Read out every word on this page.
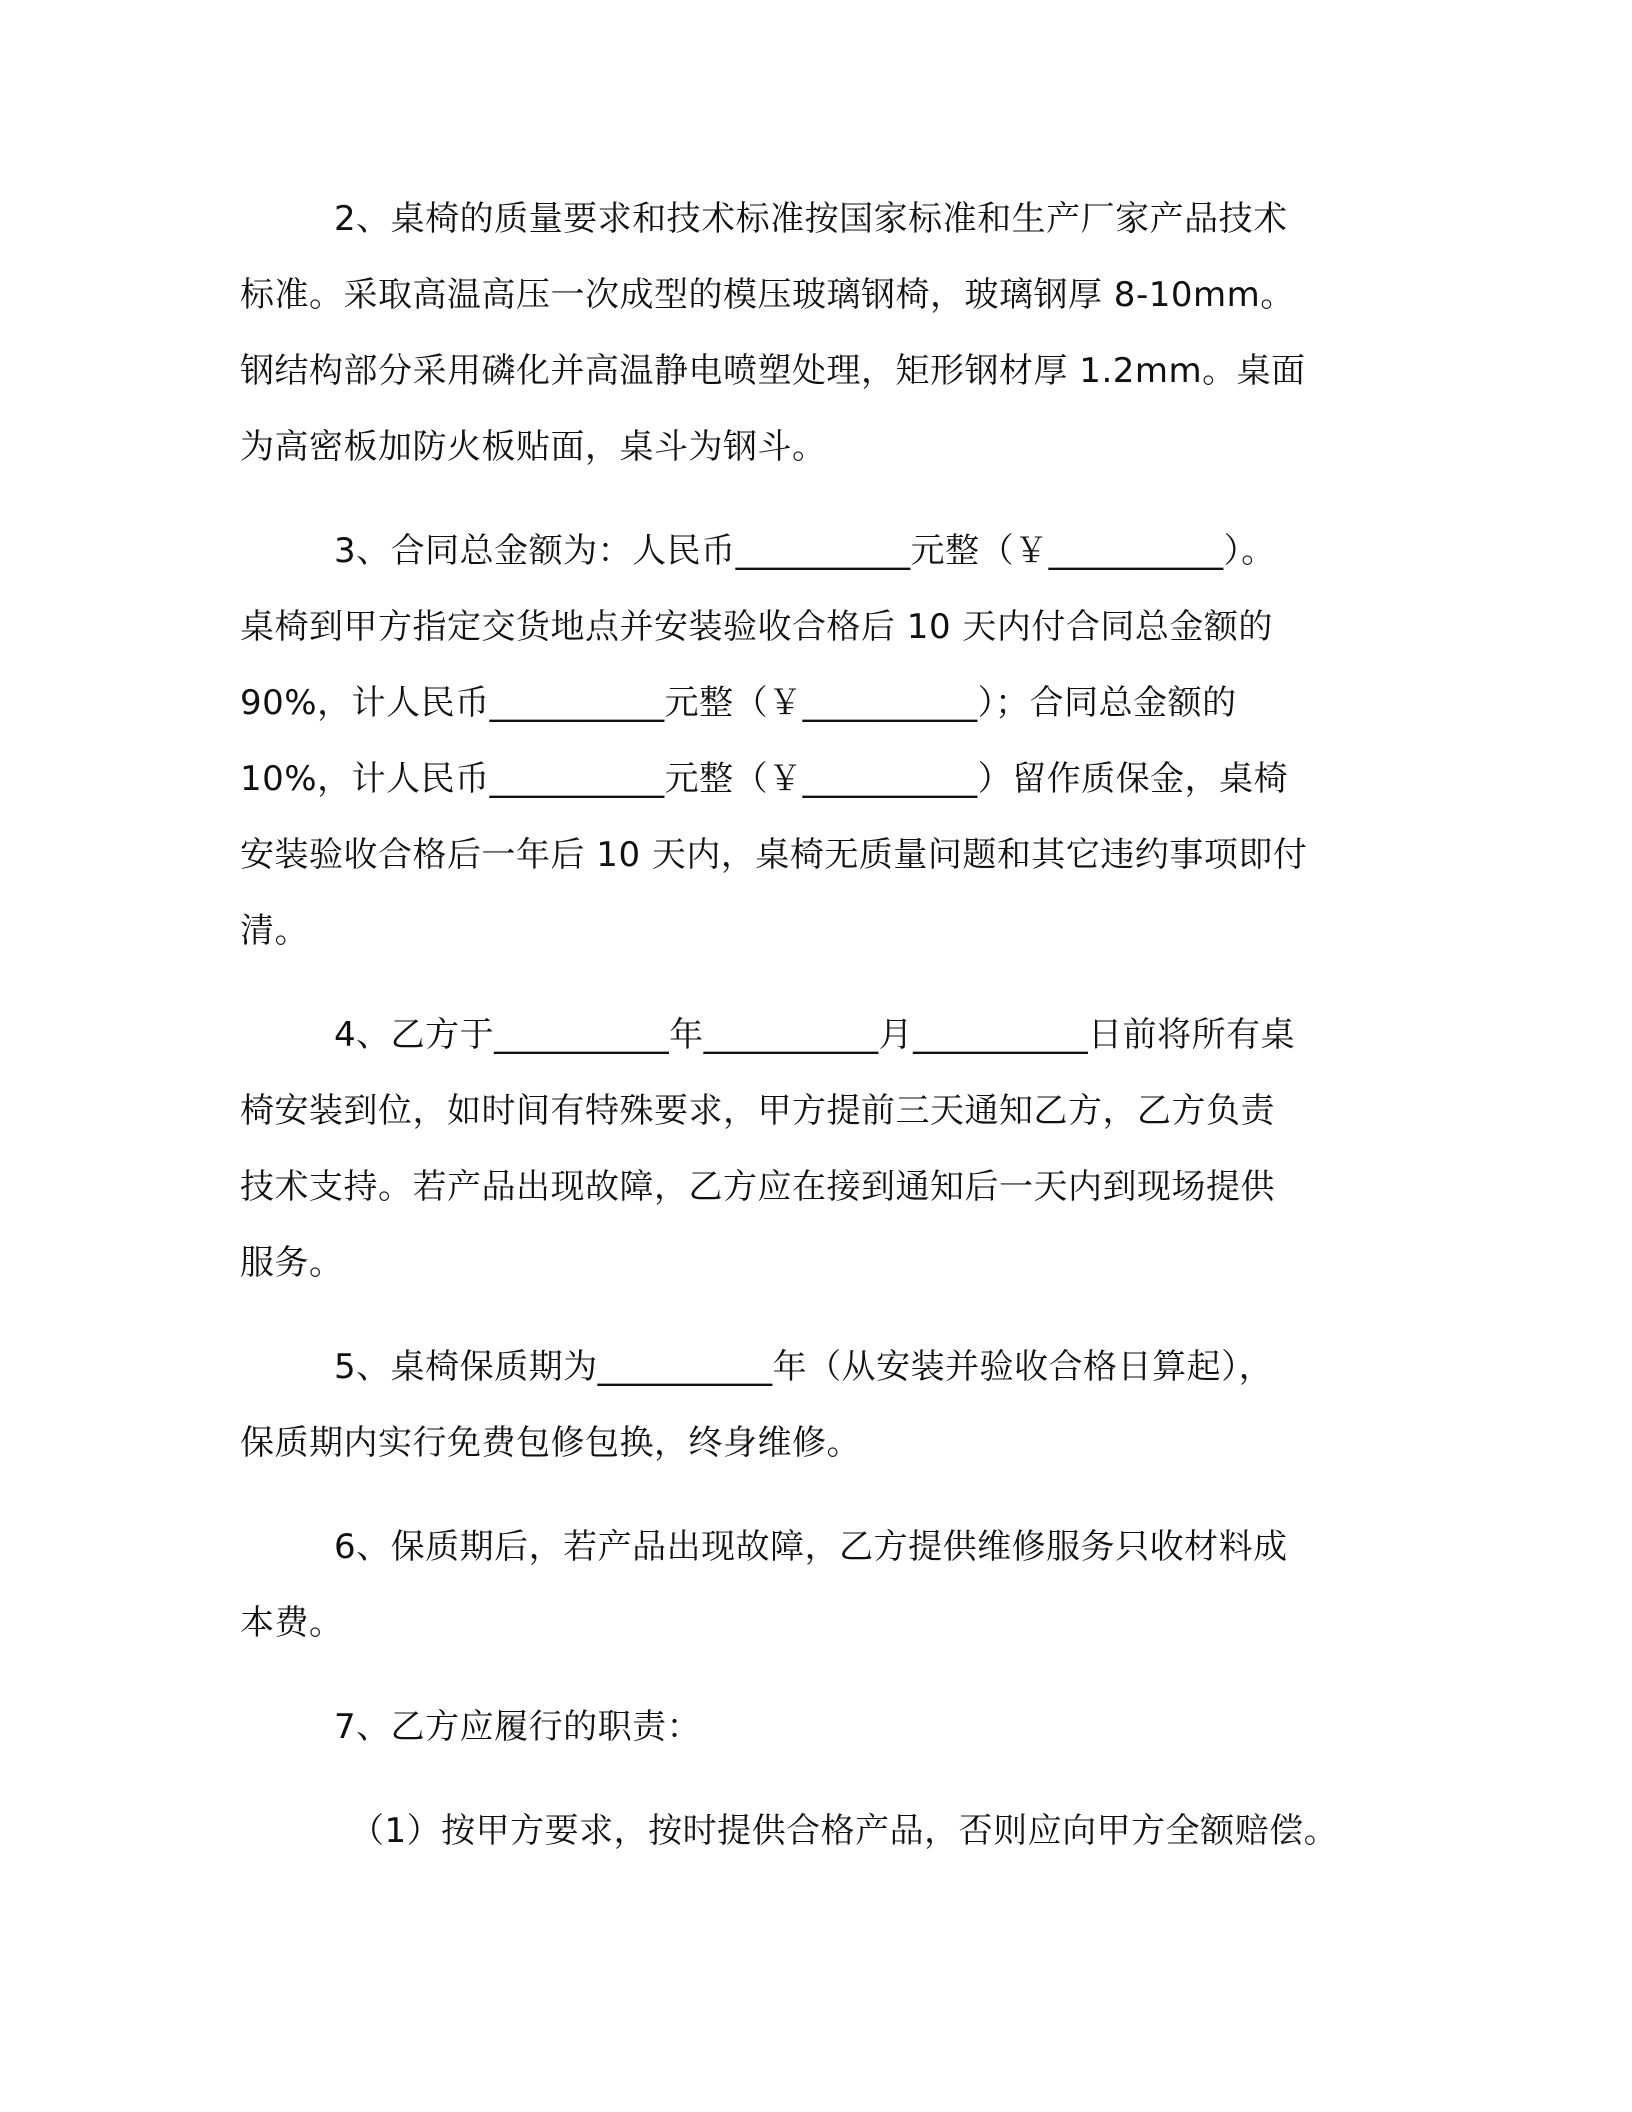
2、桌椅的质量要求和技术标准按国家标准和生产厂家产品技术
标准。采取高温高压一次成型的模压玻璃钢椅，玻璃钢厚 8-10mm。
钢结构部分采用磷化并高温静电喷塑处理，矩形钢材厚 1.2mm。桌面
为高密板加防火板贴面，桌斗为钢斗。
3、合同总金额为：人民币__________元整（￥__________）。
桌椅到甲方指定交货地点并安装验收合格后 10 天内付合同总金额的
90%，计人民币__________元整（￥__________）；合同总金额的
10%，计人民币__________元整（￥__________）留作质保金，桌椅
安装验收合格后一年后 10 天内，桌椅无质量问题和其它违约事项即付
清。
4、乙方于__________年__________月__________日前将所有桌
椅安装到位，如时间有特殊要求，甲方提前三天通知乙方，乙方负责
技术支持。若产品出现故障，乙方应在接到通知后一天内到现场提供
服务。
5、桌椅保质期为__________年（从安装并验收合格日算起），
保质期内实行免费包修包换，终身维修。
6、保质期后，若产品出现故障，乙方提供维修服务只收材料成
本费。
7、乙方应履行的职责：
（1）按甲方要求，按时提供合格产品，否则应向甲方全额赔偿。
